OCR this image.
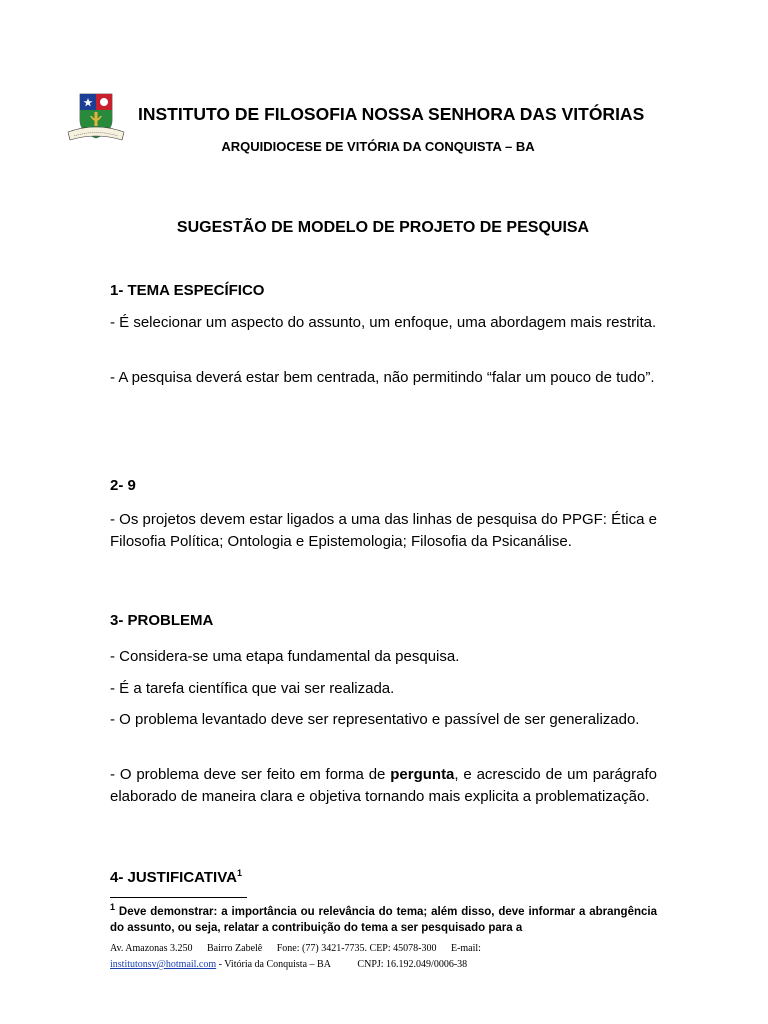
INSTITUTO DE FILOSOFIA NOSSA SENHORA DAS VITÓRIAS
ARQUIDIOCESE DE VITÓRIA DA CONQUISTA – BA
SUGESTÃO DE MODELO DE PROJETO DE PESQUISA
1- TEMA ESPECÍFICO
- É selecionar um aspecto do assunto, um enfoque, uma abordagem mais restrita.
- A pesquisa deverá estar bem centrada, não permitindo “falar um pouco de tudo”.
2- 9
- Os projetos devem estar ligados a uma das linhas de pesquisa do PPGF: Ética e Filosofia Política; Ontologia e Epistemologia; Filosofia da Psicanálise.
3- PROBLEMA
- Considera-se uma etapa fundamental da pesquisa.
- É a tarefa científica que vai ser realizada.
- O problema levantado deve ser representativo e passível de ser generalizado.
- O problema deve ser feito em forma de pergunta, e acrescido de um parágrafo elaborado de maneira clara e objetiva tornando mais explicita a problematização.
4- JUSTIFICATIVA$^1$
$^1$ Deve demonstrar: a importância ou relevância do tema; além disso, deve informar a abrangência do assunto, ou seja, relatar a contribuição do tema a ser pesquisado para a
Av. Amazonas 3.250 Bairro Zabelê Fone: (77) 3421-7735. CEP: 45078-300 E-mail:
institutonsv@hotmail.com - Vitória da Conquista – BA	CNPJ: 16.192.049/0006-38
